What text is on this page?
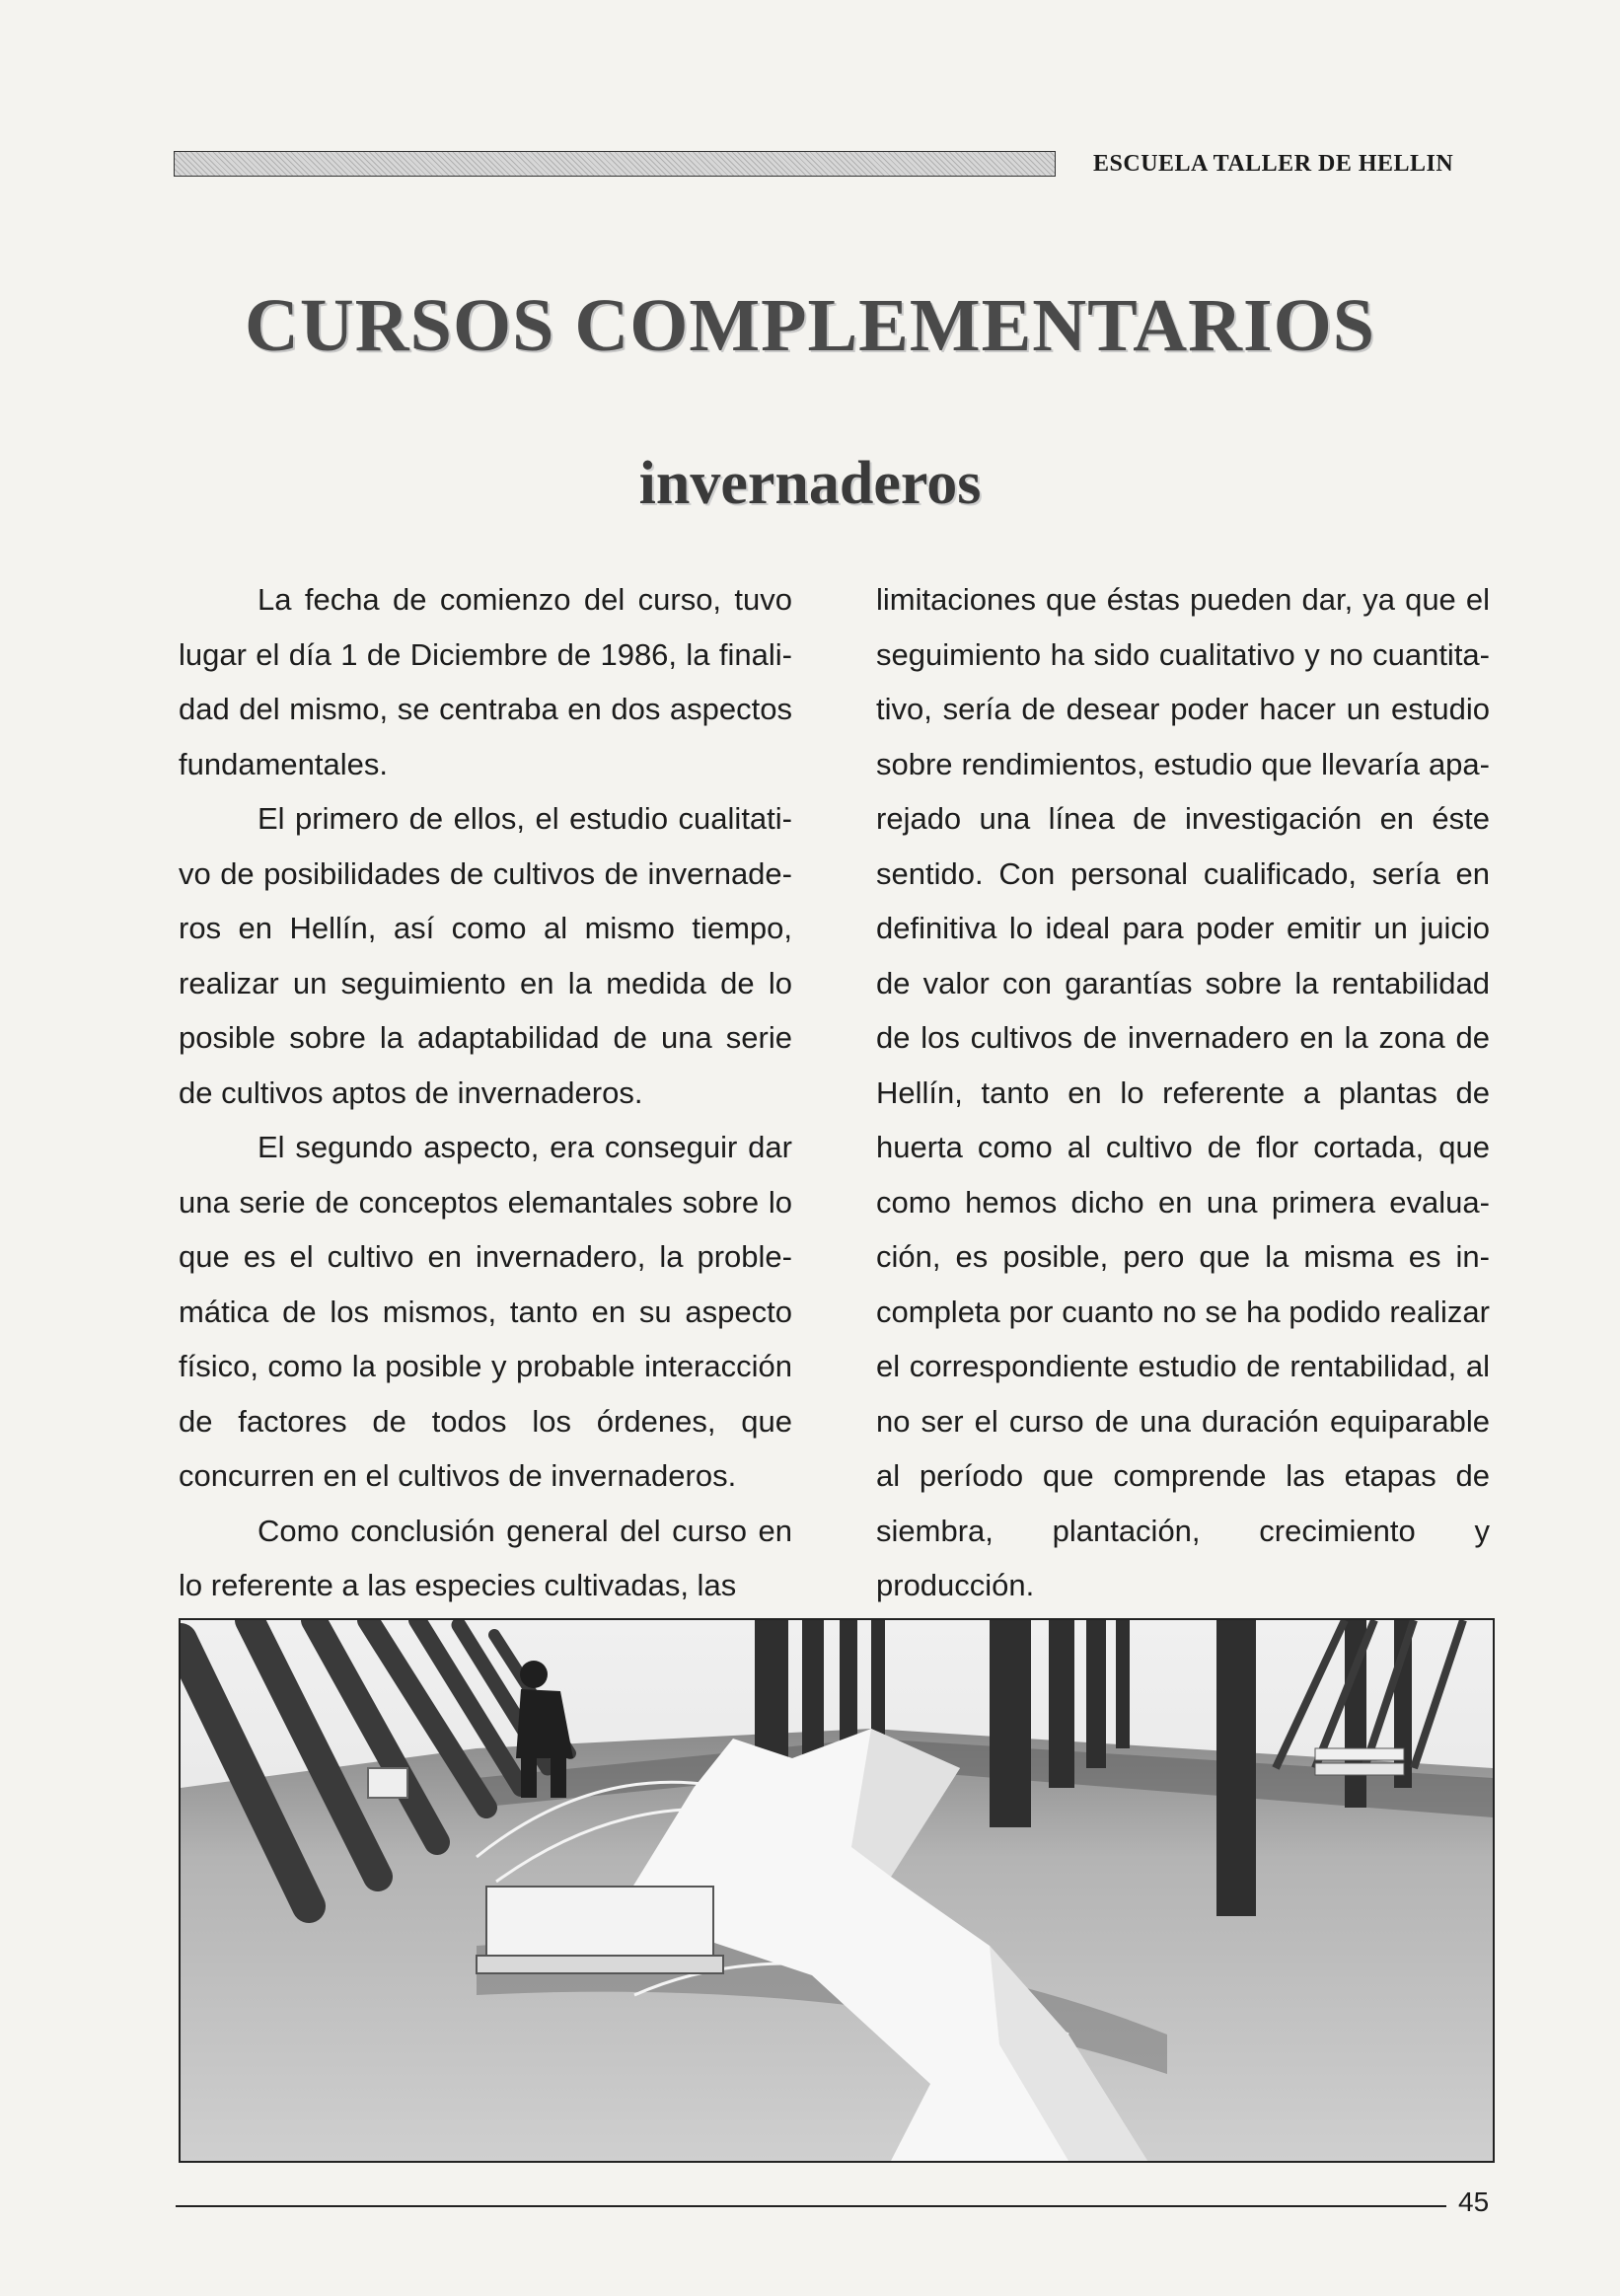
ESCUELA TALLER DE HELLIN
CURSOS COMPLEMENTARIOS
invernaderos

La fecha de comienzo del curso, tuvo lugar el día 1 de Diciembre de 1986, la finalidad del mismo, se centraba en dos aspectos fundamentales.

El primero de ellos, el estudio cualitativo de posibilidades de cultivos de invernaderos en Hellín, así como al mismo tiempo, realizar un seguimiento en la medida de lo posible sobre la adaptabilidad de una serie de cultivos aptos de invernaderos.

El segundo aspecto, era conseguir dar una serie de conceptos elemantales sobre lo que es el cultivo en invernadero, la problemática de los mismos, tanto en su aspecto físico, como la posible y probable interacción de factores de todos los órdenes, que concurren en el cultivos de invernaderos.

Como conclusión general del curso en lo referente a las especies cultivadas, las

limitaciones que éstas pueden dar, ya que el seguimiento ha sido cualitativo y no cuantitativo, sería de desear poder hacer un estudio sobre rendimientos, estudio que llevaría aparejado una línea de investigación en éste sentido. Con personal cualificado, sería en definitiva lo ideal para poder emitir un juicio de valor con garantías sobre la rentabilidad de los cultivos de invernadero en la zona de Hellín, tanto en lo referente a plantas de huerta como al cultivo de flor cortada, que como hemos dicho en una primera evaluación, es posible, pero que la misma es incompleta por cuanto no se ha podido realizar el correspondiente estudio de rentabilidad, al no ser el curso de una duración equiparable al período que comprende las etapas de siembra, plantación, crecimiento y producción.

45
